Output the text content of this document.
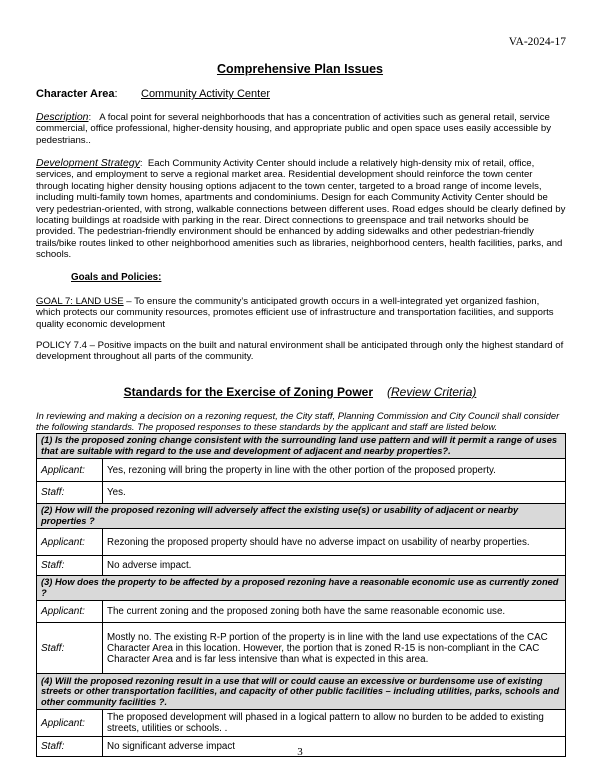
VA-2024-17
Comprehensive Plan Issues
Character Area: Community Activity Center
Description:   A focal point for several neighborhoods that has a concentration of activities such as general retail, service commercial, office professional, higher-density housing, and appropriate public and open space uses easily accessible by pedestrians..
Development Strategy:  Each Community Activity Center should include a relatively high-density mix of retail, office, services, and employment to serve a regional market area. Residential development should reinforce the town center through locating higher density housing options adjacent to the town center, targeted to a broad range of income levels, including multi-family town homes, apartments and condominiums. Design for each Community Activity Center should be very pedestrian-oriented, with strong, walkable connections between different uses. Road edges should be clearly defined by locating buildings at roadside with parking in the rear. Direct connections to greenspace and trail networks should be provided. The pedestrian-friendly environment should be enhanced by adding sidewalks and other pedestrian-friendly trails/bike routes linked to other neighborhood amenities such as libraries, neighborhood centers, health facilities, parks, and schools.
Goals and Policies:
GOAL 7: LAND USE – To ensure the community’s anticipated growth occurs in a well-integrated yet organized fashion, which protects our community resources, promotes efficient use of infrastructure and transportation facilities, and supports quality economic development
POLICY 7.4 – Positive impacts on the built and natural environment shall be anticipated through only the highest standard of development throughout all parts of the community.
Standards for the Exercise of Zoning Power (Review Criteria)
In reviewing and making a decision on a rezoning request, the City staff, Planning Commission and City Council shall consider the following standards. The proposed responses to these standards by the applicant and staff are listed below.
(1) Is the proposed zoning change consistent with the surrounding land use pattern and will it permit a range of uses that are suitable with regard to the use and development of adjacent and nearby properties?.	
Applicant:	Yes, rezoning will bring the property in line with the other portion of the proposed property.
Staff:	Yes.
(2) How will the proposed rezoning will adversely affect the existing use(s) or usability of adjacent or nearby properties ?	
Applicant:	Rezoning the proposed property should have no adverse impact on usability of nearby properties.
Staff:	No adverse impact.
(3) How does the property to be affected by a proposed rezoning have a reasonable economic use as currently zoned ?	
Applicant:	The current zoning and the proposed zoning both have the same reasonable economic use.
Staff:	Mostly no. The existing R-P portion of the property is in line with the land use expectations of the CAC Character Area in this location. However, the portion that is zoned R-15 is non-compliant in the CAC Character Area and is far less intensive than what is expected in this area.
(4) Will the proposed rezoning result in a use that will or could cause an excessive or burdensome use of existing streets or other transportation facilities, and capacity of other public facilities – including utilities, parks, schools and other community facilities ?.	
Applicant:	The proposed development will phased in a logical pattern to allow no burden to be added to existing streets, utilities or schools. .
Staff:	No significant adverse impact	3
